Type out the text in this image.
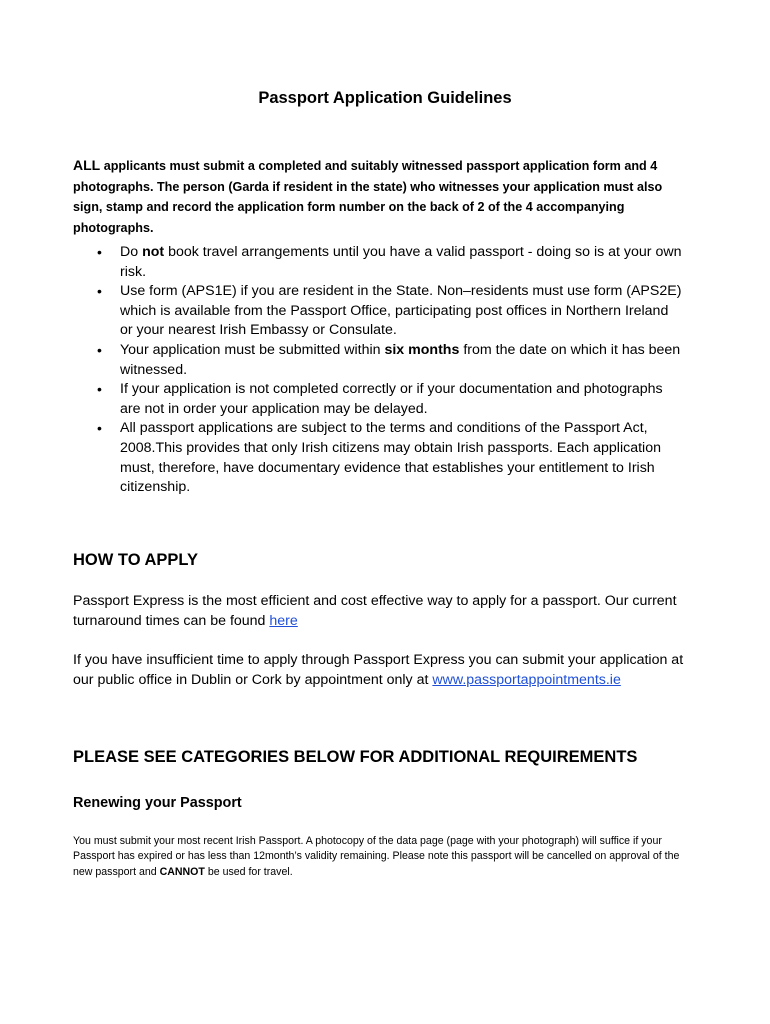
Passport Application Guidelines
ALL applicants must submit a completed and suitably witnessed passport application form and 4 photographs. The person (Garda if resident in the state) who witnesses your application must also sign, stamp and record the application form number on the back of 2 of the 4 accompanying photographs.
• Do not book travel arrangements until you have a valid passport - doing so is at your own risk.
• Use form (APS1E) if you are resident in the State. Non–residents must use form (APS2E) which is available from the Passport Office, participating post offices in Northern Ireland or your nearest Irish Embassy or Consulate.
• Your application must be submitted within six months from the date on which it has been witnessed.
• If your application is not completed correctly or if your documentation and photographs are not in order your application may be delayed.
• All passport applications are subject to the terms and conditions of the Passport Act, 2008.This provides that only Irish citizens may obtain Irish passports. Each application must, therefore, have documentary evidence that establishes your entitlement to Irish citizenship.
HOW TO APPLY
Passport Express is the most efficient and cost effective way to apply for a passport. Our current turnaround times can be found here
If you have insufficient time to apply through Passport Express you can submit your application at our public office in Dublin or Cork by appointment only at www.passportappointments.ie
PLEASE SEE CATEGORIES BELOW FOR ADDITIONAL REQUIREMENTS
Renewing your Passport
You must submit your most recent Irish Passport. A photocopy of the data page (page with your photograph) will suffice if your Passport has expired or has less than 12month’s validity remaining. Please note this passport will be cancelled on approval of the new passport and CANNOT be used for travel.
